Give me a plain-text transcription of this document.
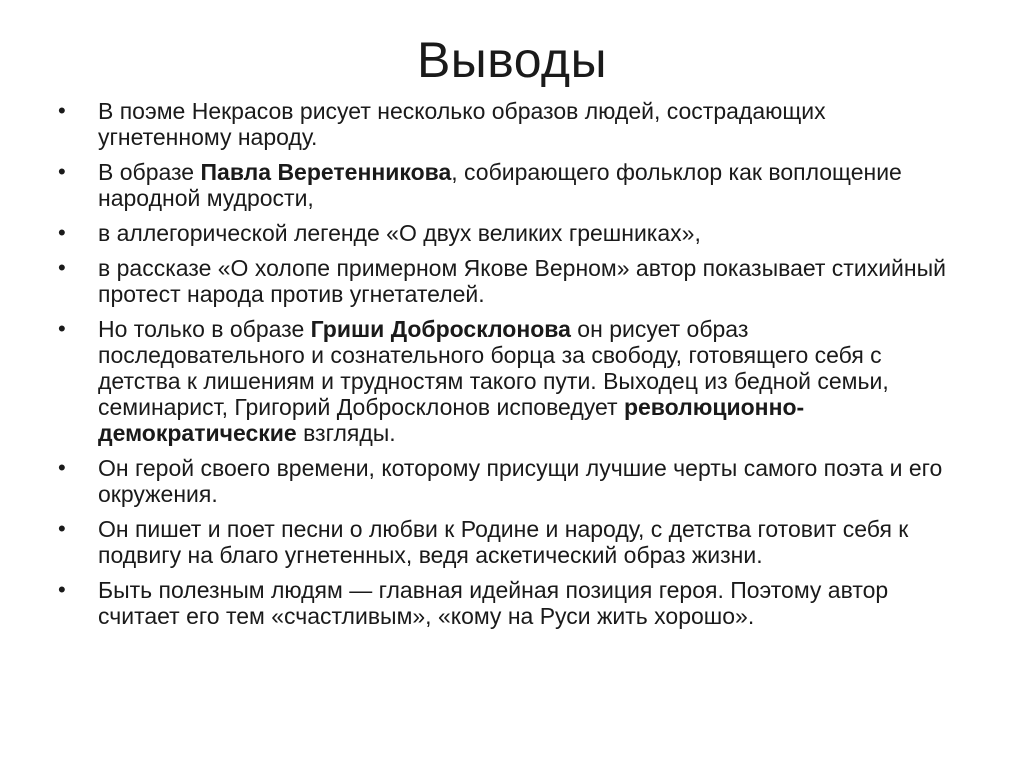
Выводы
•	В поэме Некрасов рисует несколько образов людей, сострадающих угнетенному народу.
•	В образе Павла Веретенникова, собирающего фольклор как воплощение народной мудрости,
•	в аллегорической легенде «О двух великих грешниках»,
•	в рассказе «О холопе примерном Якове Верном» автор показывает стихийный протест народа против угнетателей.
•	Но только в образе Гриши Добросклонова он рисует образ последовательного и сознательного борца за свободу, готовящего себя с детства к лишениям и трудностям такого пути. Выходец из бедной семьи, семинарист, Григорий Добросклонов исповедует революционно-демократические взгляды.
•	Он герой своего времени, которому присущи лучшие черты самого поэта и его окружения.
•	Он пишет и поет песни о любви к Родине и народу, с детства готовит себя к подвигу на благо угнетенных, ведя аскетический образ жизни.
•	Быть полезным людям — главная идейная позиция героя. Поэтому автор считает его тем «счастливым», «кому на Руси жить хорошо».
